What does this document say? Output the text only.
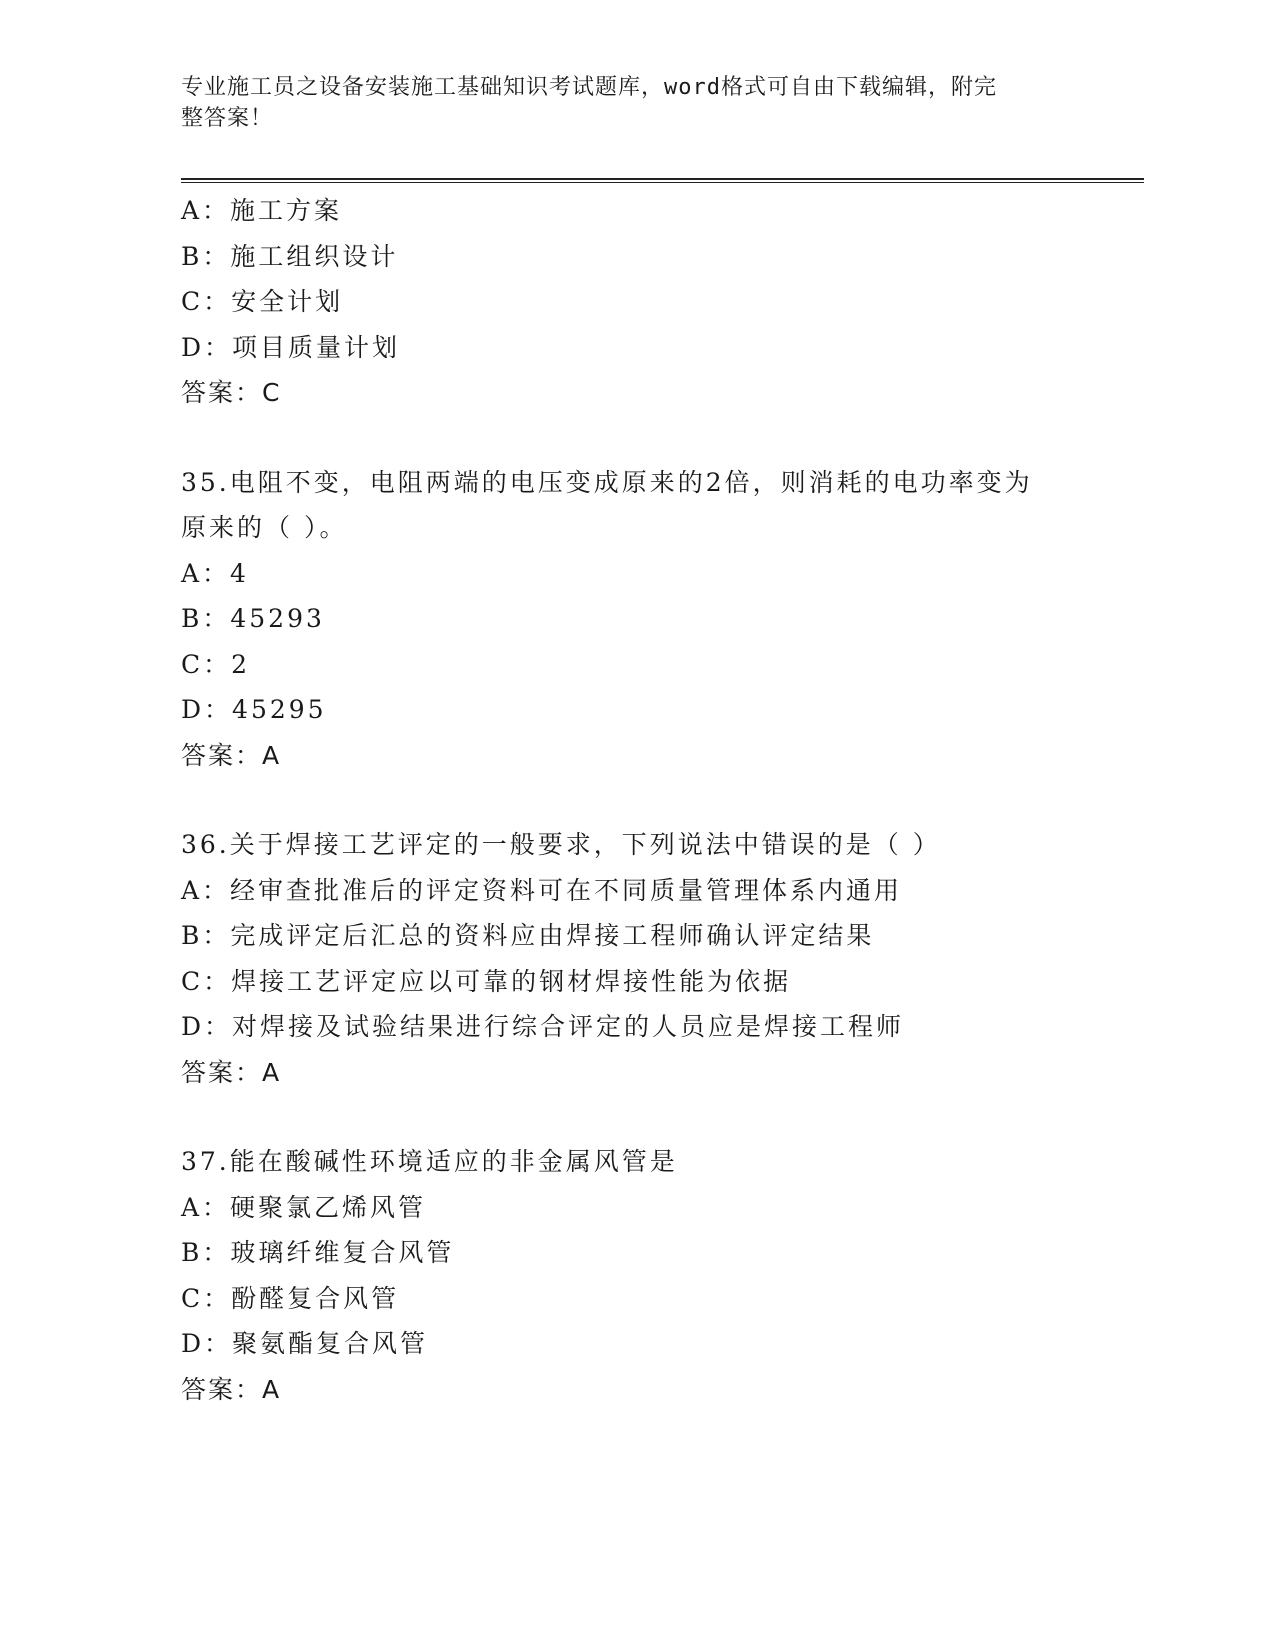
专业施工员之设备安装施工基础知识考试题库，word格式可自由下载编辑，附完
整答案！
A：施工方案
B：施工组织设计
C：安全计划
D：项目质量计划
答案：C
35.电阻不变，电阻两端的电压变成原来的2倍，则消耗的电功率变为
原来的（ ）。
A：4
B：45293
C：2
D：45295
答案：A
36.关于焊接工艺评定的一般要求，下列说法中错误的是（ ）
A：经审查批准后的评定资料可在不同质量管理体系内通用
B：完成评定后汇总的资料应由焊接工程师确认评定结果
C：焊接工艺评定应以可靠的钢材焊接性能为依据
D：对焊接及试验结果进行综合评定的人员应是焊接工程师
答案：A
37.能在酸碱性环境适应的非金属风管是
A：硬聚氯乙烯风管
B：玻璃纤维复合风管
C：酚醛复合风管
D：聚氨酯复合风管
答案：A
